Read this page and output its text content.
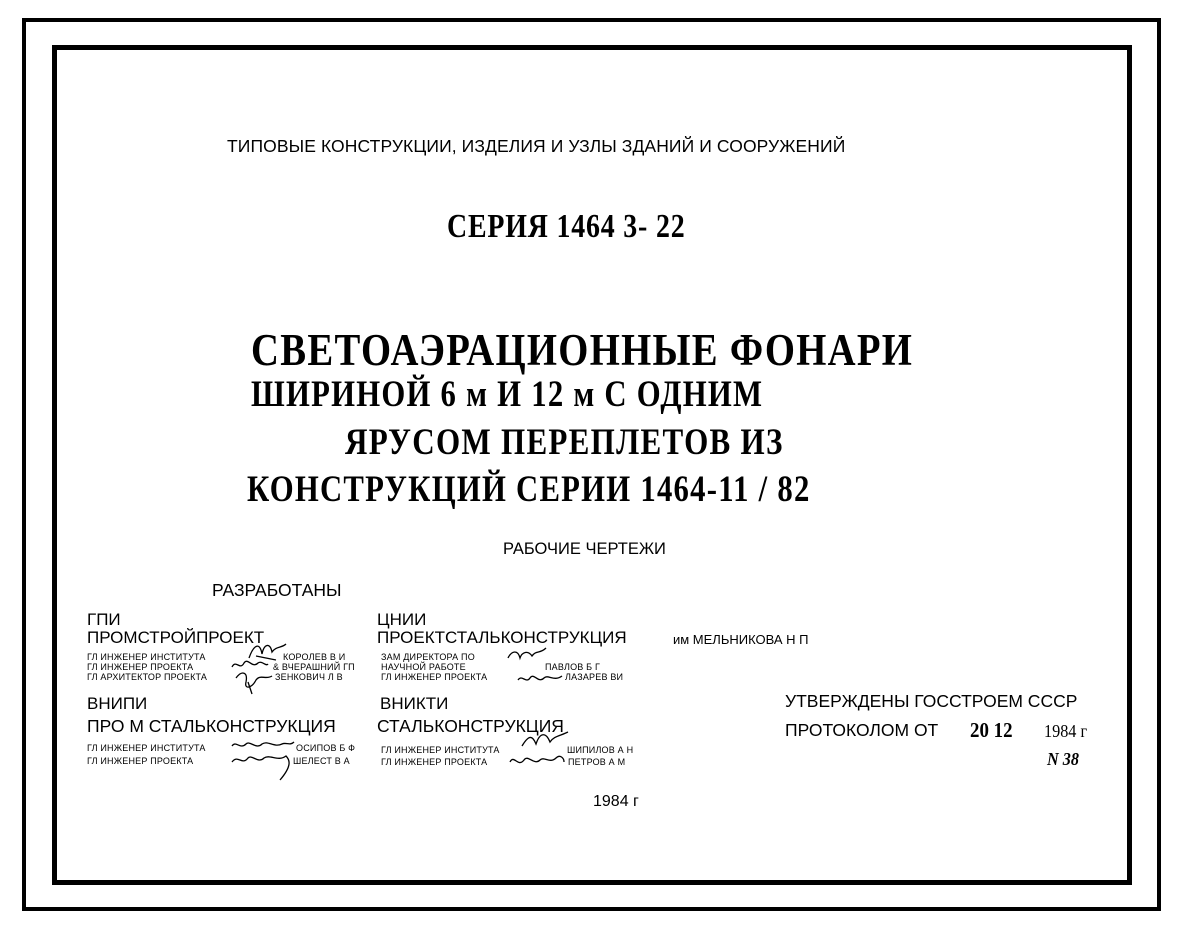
ТИПОВЫЕ КОНСТРУКЦИИ, ИЗДЕЛИЯ И УЗЛЫ ЗДАНИЙ И СООРУЖЕНИЙ
СЕРИЯ 1464 3- 22
СВЕТОАЭРАЦИОННЫЕ ФОНАРИ
ШИРИНОЙ 6 м И 12 м С ОДНИМ
ЯРУСОМ ПЕРЕПЛЕТОВ ИЗ
КОНСТРУКЦИЙ СЕРИИ 1464-11 / 82
РАБОЧИЕ ЧЕРТЕЖИ
РАЗРАБОТАНЫ
ГПИ
ПРОМСТРОЙПРОЕКТ
ГЛ ИНЖЕНЕР ИНСТИТУТА
ГЛ ИНЖЕНЕР ПРОЕКТА
ГЛ АРХИТЕКТОР ПРОЕКТА
КОРОЛЕВ В И
& ВЧЕРАШНИЙ ГП
ЗЕНКОВИЧ Л В
ЦНИИ
ПРОЕКТСТАЛЬКОНСТРУКЦИЯ	им МЕЛЬНИКОВА Н П
ЗАМ ДИРЕКТОРА ПО
НАУЧНОЙ РАБОТЕ
ГЛ ИНЖЕНЕР ПРОЕКТА
ПАВЛОВ Б Г
ЛАЗАРЕВ ВИ
ВНИПИ
ПРО М СТАЛЬКОНСТРУКЦИЯ
ГЛ ИНЖЕНЕР ИНСТИТУТА
ГЛ ИНЖЕНЕР ПРОЕКТА
ОСИПОВ Б Ф
ШЕЛЕСТ В А
ВНИКТИ
СТАЛЬКОНСТРУКЦИЯ
ГЛ ИНЖЕНЕР ИНСТИТУТА
ГЛ ИНЖЕНЕР ПРОЕКТА
ШИПИЛОВ А Н
ПЕТРОВ А М
УТВЕРЖДЕНЫ ГОССТРОЕМ СССР
ПРОТОКОЛОМ ОТ 20 12 1984 г
N 38
1984 г
